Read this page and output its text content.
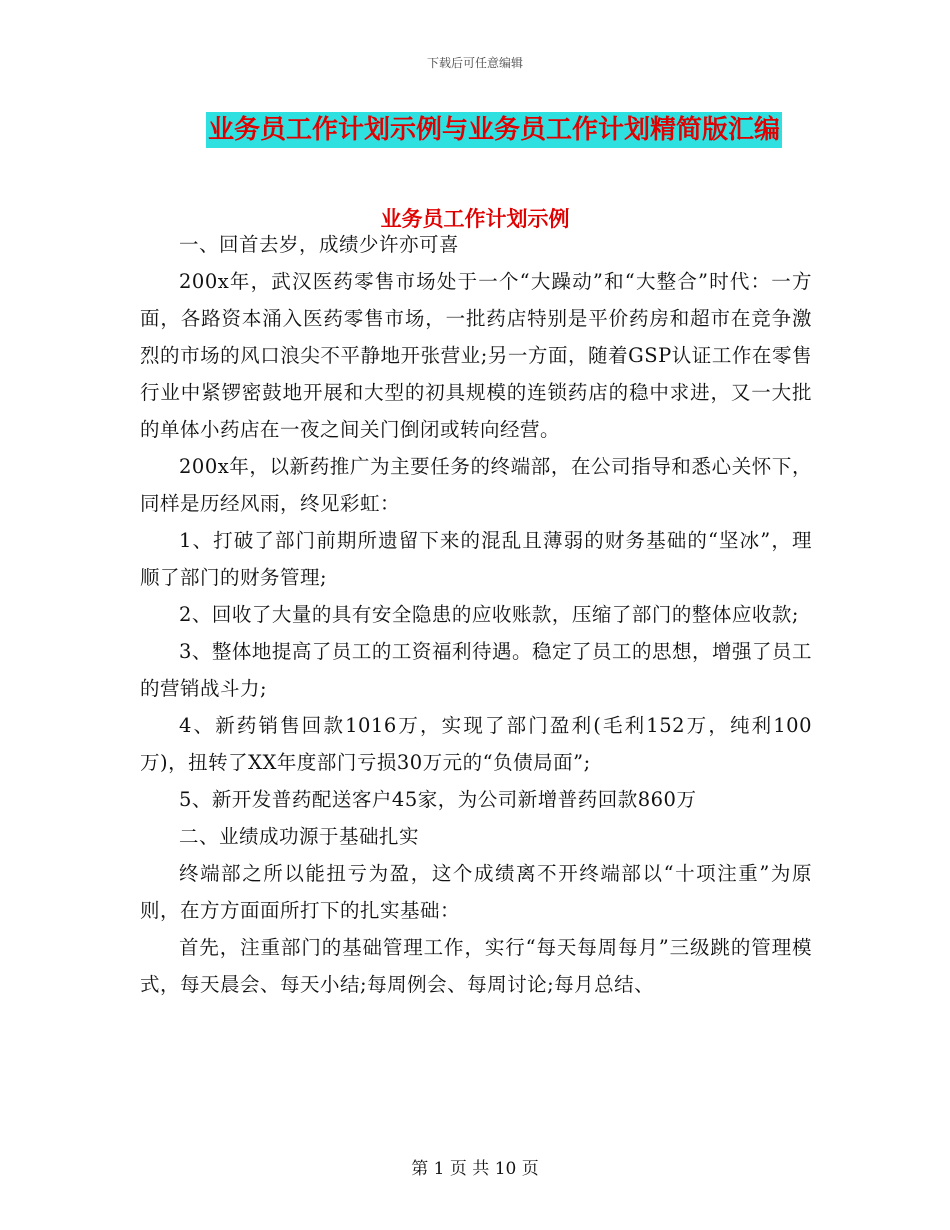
下载后可任意编辑
业务员工作计划示例与业务员工作计划精简版汇编
业务员工作计划示例

一、回首去岁，成绩少许亦可喜

200x年，武汉医药零售市场处于一个“大躁动”和“大整合”时代：一方面，各路资本涌入医药零售市场，一批药店特别是平价药房和超市在竞争激烈的市场的风口浪尖不平静地开张营业;另一方面，随着GSP认证工作在零售行业中紧锣密鼓地开展和大型的初具规模的连锁药店的稳中求进，又一大批的单体小药店在一夜之间关门倒闭或转向经营。

200x年，以新药推广为主要任务的终端部，在公司指导和悉心关怀下，同样是历经风雨，终见彩虹：

1、打破了部门前期所遗留下来的混乱且薄弱的财务基础的“坚冰”，理顺了部门的财务管理;

2、回收了大量的具有安全隐患的应收账款，压缩了部门的整体应收款;

3、整体地提高了员工的工资福利待遇。稳定了员工的思想，增强了员工的营销战斗力;

4、新药销售回款1016万，实现了部门盈利(毛利152万，纯利100万)，扭转了XX年度部门亏损30万元的“负债局面”;

5、新开发普药配送客户45家，为公司新增普药回款860万

二、业绩成功源于基础扎实

终端部之所以能扭亏为盈，这个成绩离不开终端部以“十项注重”为原则，在方方面面所打下的扎实基础：

首先，注重部门的基础管理工作，实行“每天每周每月”三级跳的管理模式，每天晨会、每天小结;每周例会、每周讨论;每月总结、

第 1 页 共 10 页
